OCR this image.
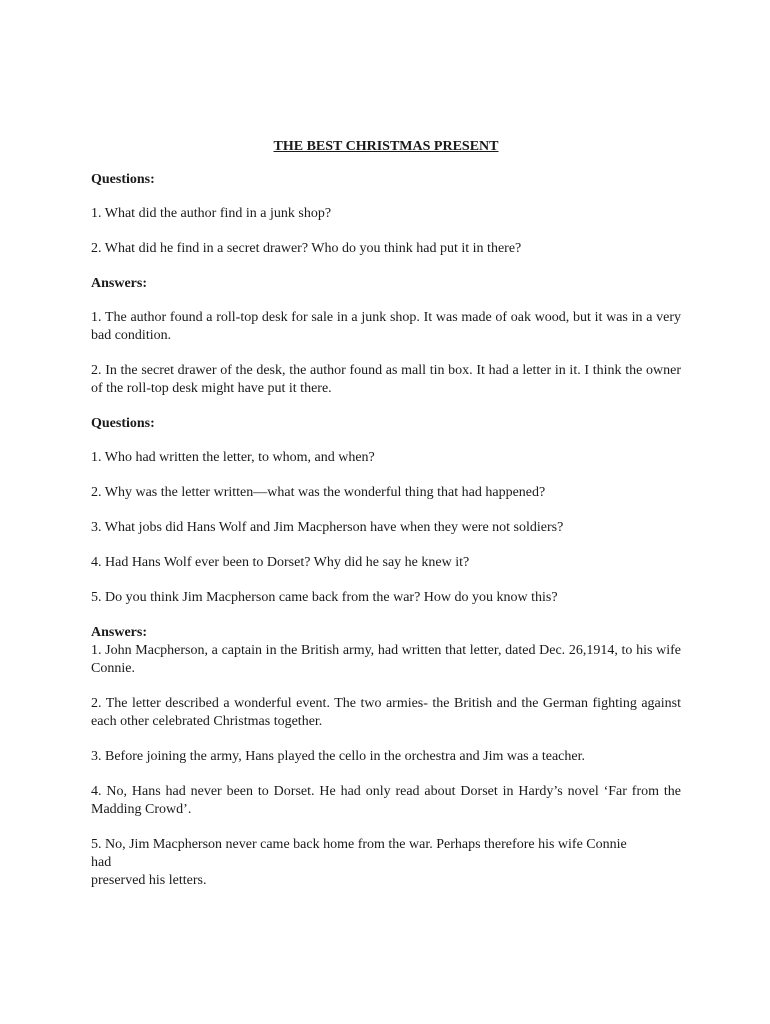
THE BEST CHRISTMAS PRESENT
Questions:
1. What did the author find in a junk shop?
2. What did he find in a secret drawer? Who do you think had put it in there?
Answers:
1. The author found a roll-top desk for sale in a junk shop. It was made of oak wood, but it was in a very bad condition.
2. In the secret drawer of the desk, the author found as mall tin box. It had a letter in it. I think the owner of the roll-top desk might have put it there.
Questions:
1. Who had written the letter, to whom, and when?
2. Why was the letter written—what was the wonderful thing that had happened?
3. What jobs did Hans Wolf and Jim Macpherson have when they were not soldiers?
4. Had Hans Wolf ever been to Dorset? Why did he say he knew it?
5. Do you think Jim Macpherson came back from the war? How do you know this?
Answers:
1. John Macpherson, a captain in the British army, had written that letter, dated Dec. 26,1914, to his wife Connie.
2. The letter described a wonderful event. The two armies- the British and the German fighting against each other celebrated Christmas together.
3. Before joining the army, Hans played the cello in the orchestra and Jim was a teacher.
4. No, Hans had never been to Dorset. He had only read about Dorset in Hardy’s novel ‘Far from the Madding Crowd’.
5. No, Jim Macpherson never came back home from the war. Perhaps therefore his wife Connie
had
preserved his letters.
